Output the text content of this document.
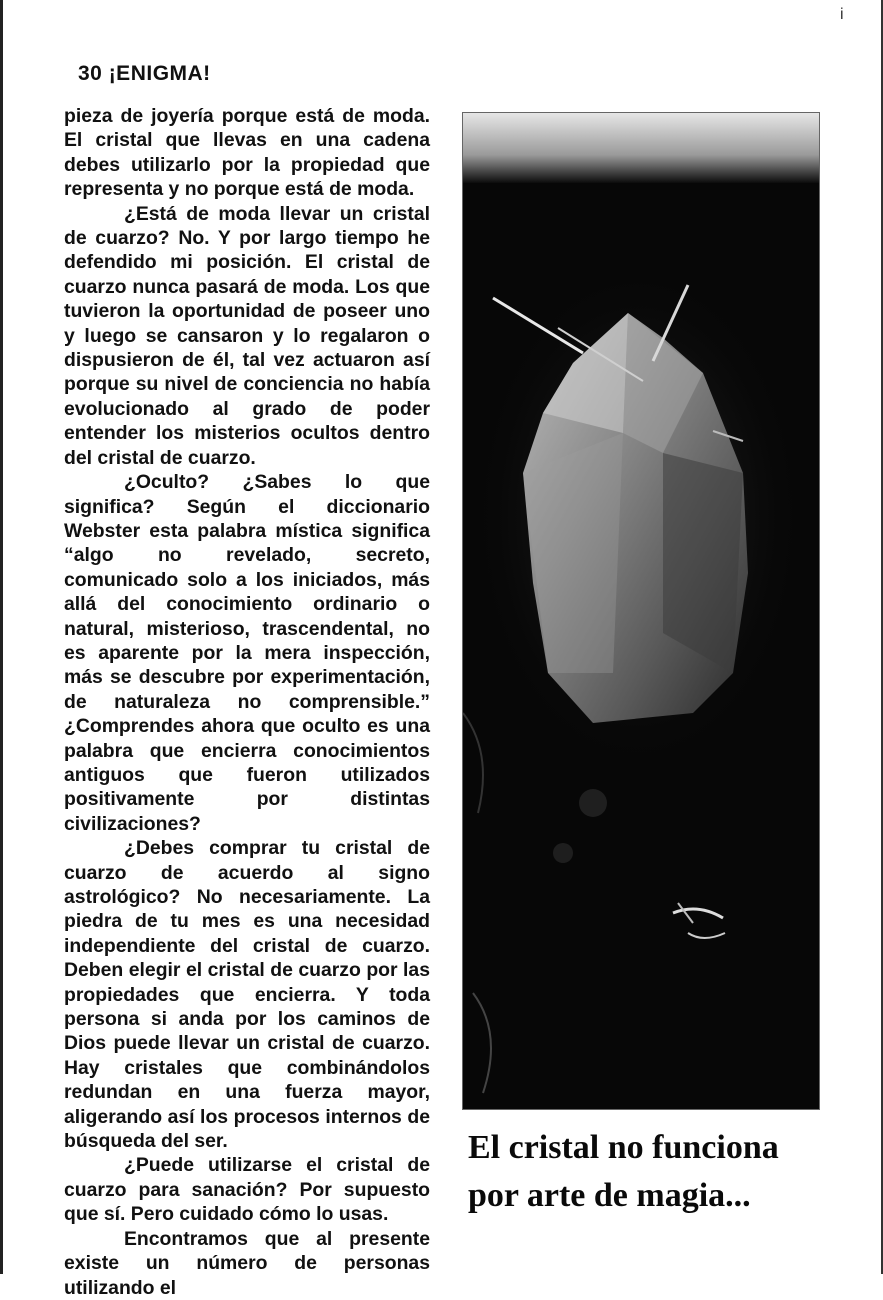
i
30 ¡ENIGMA!

pieza de joyería porque está de moda. El cristal que llevas en una cadena debes utilizarlo por la propiedad que representa y no porque está de moda.

¿Está de moda llevar un cristal de cuarzo? No. Y por largo tiempo he defendido mi posición. El cristal de cuarzo nunca pasará de moda. Los que tuvieron la oportunidad de poseer uno y luego se cansaron y lo regalaron o dispusieron de él, tal vez actuaron así porque su nivel de conciencia no había evolucionado al grado de poder entender los misterios ocultos dentro del cristal de cuarzo.

¿Oculto? ¿Sabes lo que significa? Según el diccionario Webster esta palabra mística significa “algo no revelado, secreto, comunicado solo a los iniciados, más allá del conocimiento ordinario o natural, misterioso, trascendental, no es aparente por la mera inspección, más se descubre por experimentación, de naturaleza no comprensible.” ¿Comprendes ahora que oculto es una palabra que encierra conocimientos antiguos que fueron utilizados positivamente por distintas civilizaciones?

¿Debes comprar tu cristal de cuarzo de acuerdo al signo astrológico? No necesariamente. La piedra de tu mes es una necesidad independiente del cristal de cuarzo. Deben elegir el cristal de cuarzo por las propiedades que encierra. Y toda persona si anda por los caminos de Dios puede llevar un cristal de cuarzo. Hay cristales que combinándolos redundan en una fuerza mayor, aligerando así los procesos internos de búsqueda del ser.

¿Puede utilizarse el cristal de cuarzo para sanación? Por supuesto que sí. Pero cuidado cómo lo usas.

Encontramos que al presente existe un número de personas utilizando el

El cristal no funciona
por arte de magia...
